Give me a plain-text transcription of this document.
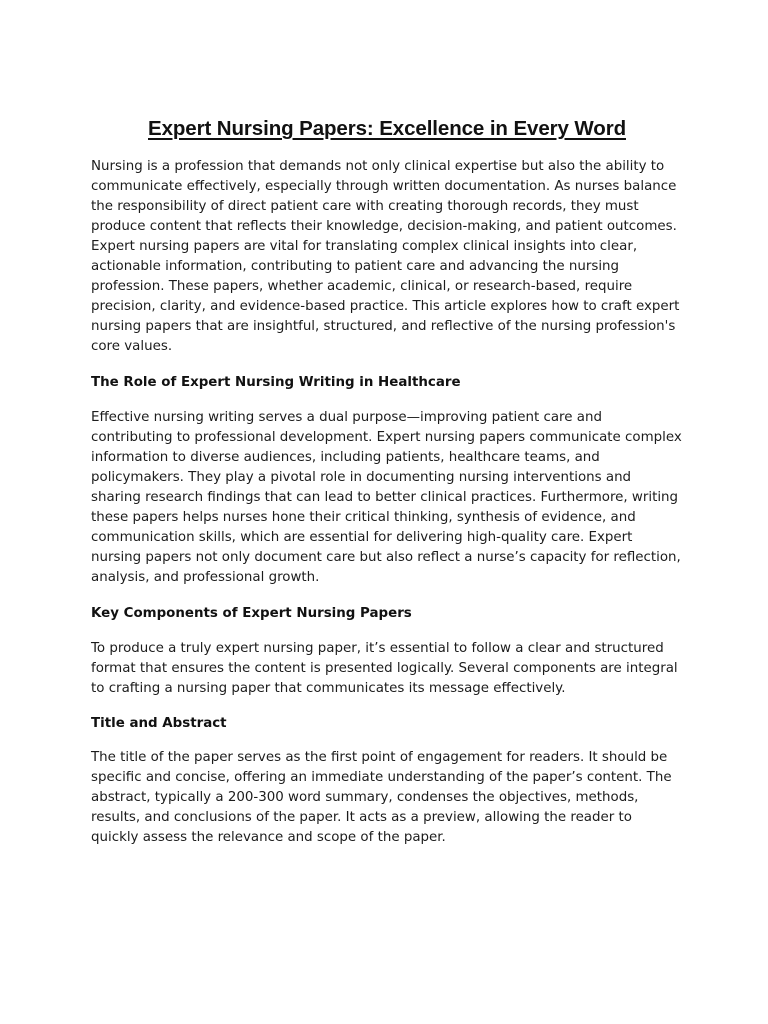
Expert Nursing Papers: Excellence in Every Word

Nursing is a profession that demands not only clinical expertise but also the ability to communicate effectively, especially through written documentation. As nurses balance the responsibility of direct patient care with creating thorough records, they must produce content that reflects their knowledge, decision-making, and patient outcomes. Expert nursing papers are vital for translating complex clinical insights into clear, actionable information, contributing to patient care and advancing the nursing profession. These papers, whether academic, clinical, or research-based, require precision, clarity, and evidence-based practice. This article explores how to craft expert nursing papers that are insightful, structured, and reflective of the nursing profession's core values.

The Role of Expert Nursing Writing in Healthcare

Effective nursing writing serves a dual purpose—improving patient care and contributing to professional development. Expert nursing papers communicate complex information to diverse audiences, including patients, healthcare teams, and policymakers. They play a pivotal role in documenting nursing interventions and sharing research findings that can lead to better clinical practices. Furthermore, writing these papers helps nurses hone their critical thinking, synthesis of evidence, and communication skills, which are essential for delivering high-quality care. Expert nursing papers not only document care but also reflect a nurse’s capacity for reflection, analysis, and professional growth.

Key Components of Expert Nursing Papers

To produce a truly expert nursing paper, it’s essential to follow a clear and structured format that ensures the content is presented logically. Several components are integral to crafting a nursing paper that communicates its message effectively.

Title and Abstract

The title of the paper serves as the first point of engagement for readers. It should be specific and concise, offering an immediate understanding of the paper’s content. The abstract, typically a 200-300 word summary, condenses the objectives, methods, results, and conclusions of the paper. It acts as a preview, allowing the reader to quickly assess the relevance and scope of the paper.
